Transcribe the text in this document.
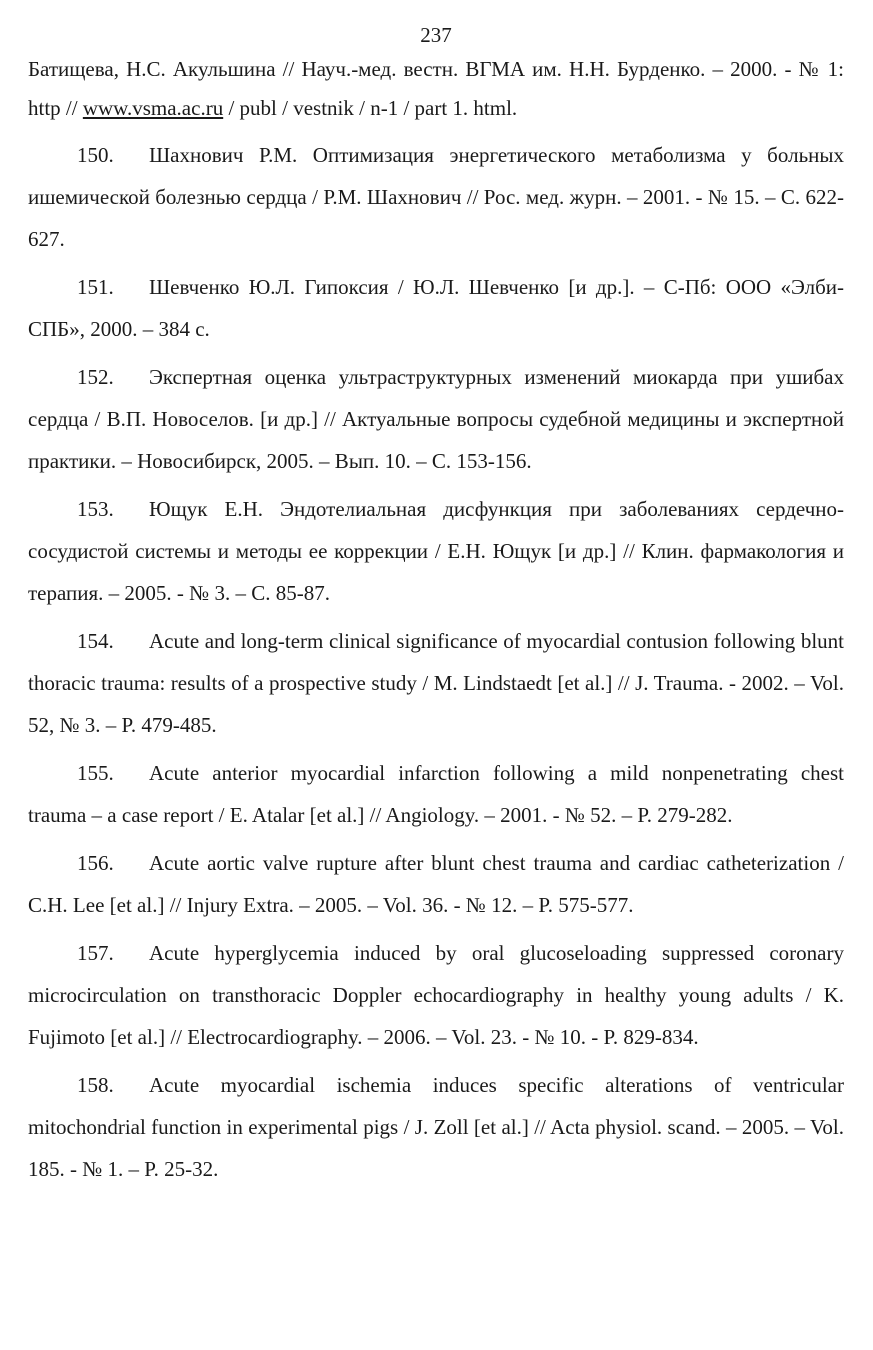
237

Батищева, Н.С. Акульшина // Науч.-мед. вестн. ВГМА им. Н.Н. Бурденко. – 2000. - № 1: http // www.vsma.ac.ru / publ / vestnik / n-1 / part 1. html.

150. Шахнович Р.М. Оптимизация энергетического метаболизма у больных ишемической болезнью сердца / Р.М. Шахнович // Рос. мед. журн. – 2001. - № 15. – С. 622-627.

151. Шевченко Ю.Л. Гипоксия / Ю.Л. Шевченко [и др.]. – С-Пб: ООО «Элби-СПБ», 2000. – 384 с.

152. Экспертная оценка ультраструктурных изменений миокарда при ушибах сердца / В.П. Новоселов. [и др.] // Актуальные вопросы судебной медицины и экспертной практики. – Новосибирск, 2005. – Вып. 10. – С. 153-156.

153. Ющук Е.Н. Эндотелиальная дисфункция при заболеваниях сердечно-сосудистой системы и методы ее коррекции / Е.Н. Ющук [и др.] // Клин. фармакология и терапия. – 2005. - № 3. – С. 85-87.

154. Acute and long-term clinical significance of myocardial contusion following blunt thoracic trauma: results of a prospective study / M. Lindstaedt [et al.] // J. Trauma. - 2002. – Vol. 52, № 3. – P. 479-485.

155. Acute anterior myocardial infarction following a mild nonpenetrating chest trauma – a case report / E. Atalar [et al.] // Angiology. – 2001. - № 52. – P. 279-282.

156. Acute aortic valve rupture after blunt chest trauma and cardiac catheterization / C.H. Lee [et al.] // Injury Extra. – 2005. – Vol. 36. - № 12. – P. 575-577.

157. Acute hyperglycemia induced by oral glucoseloading suppressed coronary microcirculation on transthoracic Doppler echocardiography in healthy young adults / K. Fujimoto [et al.] // Electrocardiography. – 2006. – Vol. 23. - № 10. - P. 829-834.

158. Acute myocardial ischemia induces specific alterations of ventricular mitochondrial function in experimental pigs / J. Zoll [et al.] // Acta physiol. scand. – 2005. – Vol. 185. - № 1. – P. 25-32.
